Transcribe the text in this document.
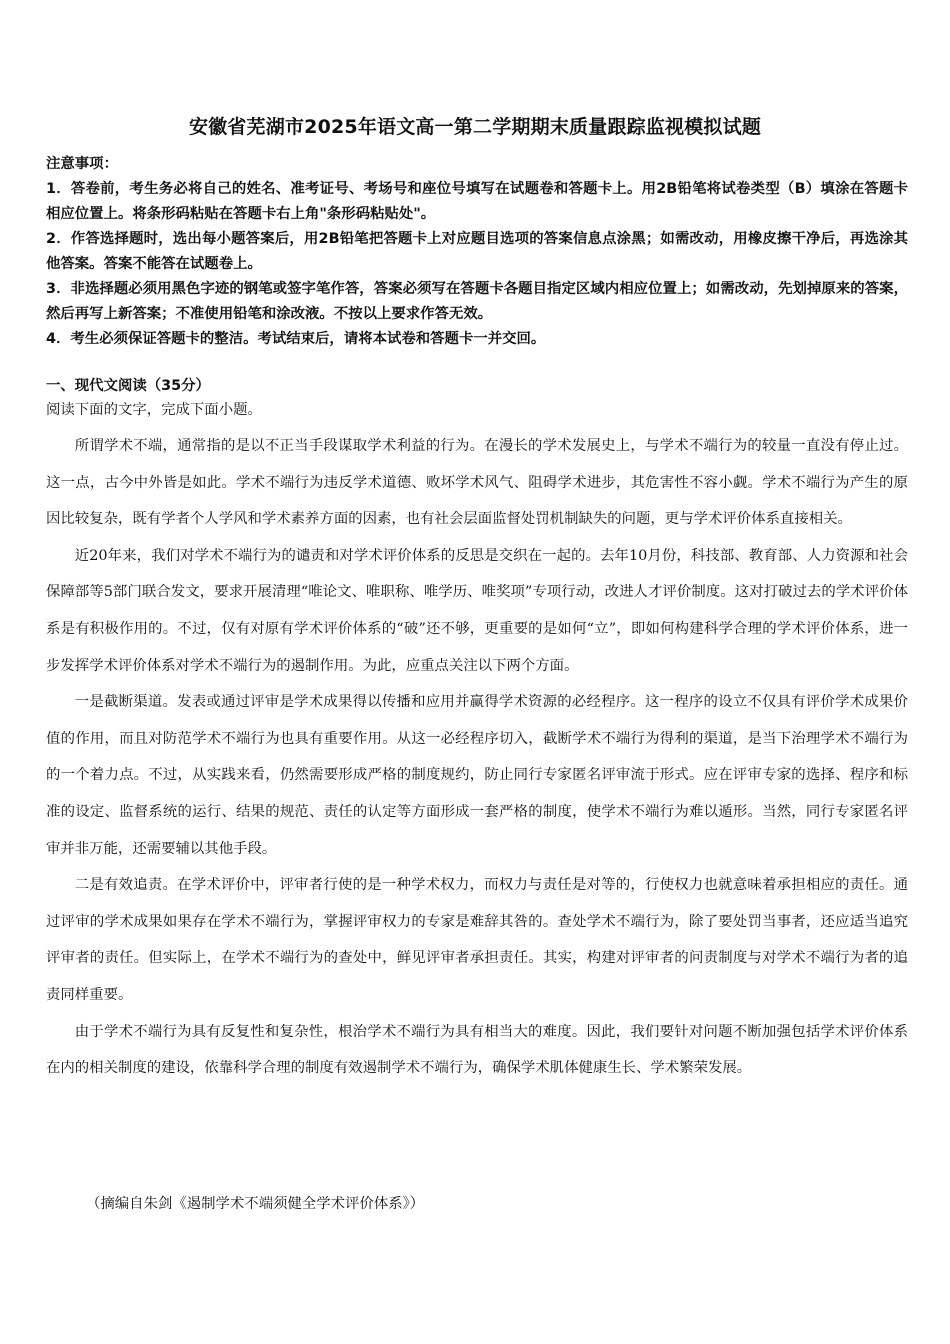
安徽省芜湖市2025年语文高一第二学期期末质量跟踪监视模拟试题

注意事项：

1．答卷前，考生务必将自己的姓名、准考证号、考场号和座位号填写在试题卷和答题卡上。用2B铅笔将试卷类型（B）填涂在答题卡相应位置上。将条形码粘贴在答题卡右上角"条形码粘贴处"。

2．作答选择题时，选出每小题答案后，用2B铅笔把答题卡上对应题目选项的答案信息点涂黑；如需改动，用橡皮擦干净后，再选涂其他答案。答案不能答在试题卷上。

3．非选择题必须用黑色字迹的钢笔或签字笔作答，答案必须写在答题卡各题目指定区域内相应位置上；如需改动，先划掉原来的答案，然后再写上新答案；不准使用铅笔和涂改液。不按以上要求作答无效。

4．考生必须保证答题卡的整洁。考试结束后，请将本试卷和答题卡一并交回。

一、现代文阅读（35分）

阅读下面的文字，完成下面小题。

所谓学术不端，通常指的是以不正当手段谋取学术利益的行为。在漫长的学术发展史上，与学术不端行为的较量一直没有停止过。这一点，古今中外皆是如此。学术不端行为违反学术道德、败坏学术风气、阻碍学术进步，其危害性不容小觑。学术不端行为产生的原因比较复杂，既有学者个人学风和学术素养方面的因素，也有社会层面监督处罚机制缺失的问题，更与学术评价体系直接相关。

近20年来，我们对学术不端行为的谴责和对学术评价体系的反思是交织在一起的。去年10月份，科技部、教育部、人力资源和社会保障部等5部门联合发文，要求开展清理“唯论文、唯职称、唯学历、唯奖项”专项行动，改进人才评价制度。这对打破过去的学术评价体系是有积极作用的。不过，仅有对原有学术评价体系的“破”还不够，更重要的是如何“立”，即如何构建科学合理的学术评价体系，进一步发挥学术评价体系对学术不端行为的遏制作用。为此，应重点关注以下两个方面。

一是截断渠道。发表或通过评审是学术成果得以传播和应用并赢得学术资源的必经程序。这一程序的设立不仅具有评价学术成果价值的作用，而且对防范学术不端行为也具有重要作用。从这一必经程序切入，截断学术不端行为得利的渠道，是当下治理学术不端行为的一个着力点。不过，从实践来看，仍然需要形成严格的制度规约，防止同行专家匿名评审流于形式。应在评审专家的选择、程序和标准的设定、监督系统的运行、结果的规范、责任的认定等方面形成一套严格的制度，使学术不端行为难以遁形。当然，同行专家匿名评审并非万能，还需要辅以其他手段。

二是有效追责。在学术评价中，评审者行使的是一种学术权力，而权力与责任是对等的，行使权力也就意味着承担相应的责任。通过评审的学术成果如果存在学术不端行为，掌握评审权力的专家是难辞其咎的。查处学术不端行为，除了要处罚当事者，还应适当追究评审者的责任。但实际上，在学术不端行为的查处中，鲜见评审者承担责任。其实，构建对评审者的问责制度与对学术不端行为者的追责同样重要。

由于学术不端行为具有反复性和复杂性，根治学术不端行为具有相当大的难度。因此，我们要针对问题不断加强包括学术评价体系在内的相关制度的建设，依靠科学合理的制度有效遏制学术不端行为，确保学术肌体健康生长、学术繁荣发展。

（摘编自朱剑《遏制学术不端须健全学术评价体系》）
